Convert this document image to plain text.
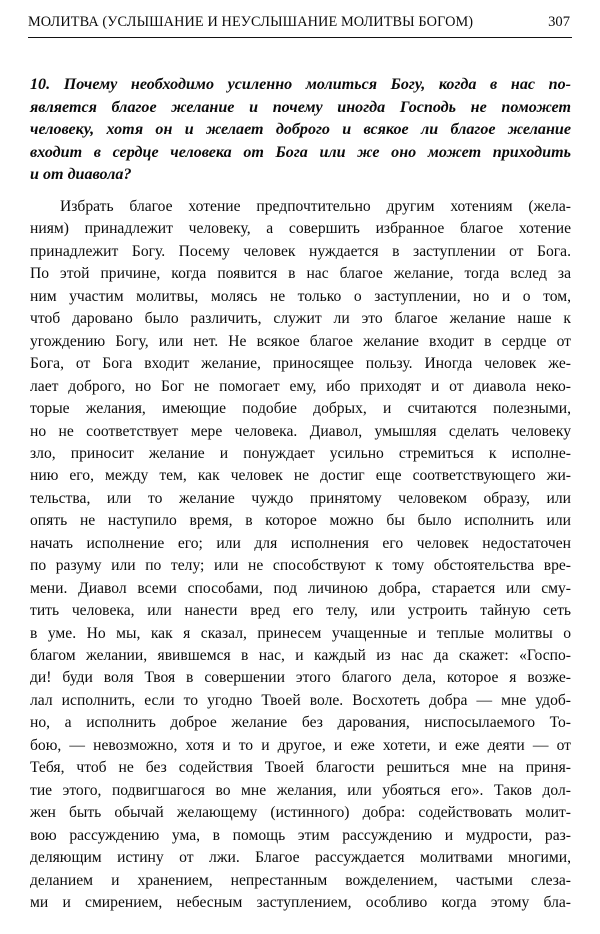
МОЛИТВА (УСЛЫШАНИЕ И НЕУСЛЫШАНИЕ МОЛИТВЫ БОГОМ)	307
10. Почему необходимо усиленно молиться Богу, когда в нас по-
является благое желание и почему иногда Господь не поможет
человеку, хотя он и желает доброго и всякое ли благое желание
входит в сердце человека от Бога или же оно может приходить
и от диавола?

Избрать благое хотение предпочтительно другим хотениям (жела-
ниям) принадлежит человеку, а совершить избранное благое хотение
принадлежит Богу. Посему человек нуждается в заступлении от Бога.
По этой причине, когда появится в нас благое желание, тогда вслед за
ним участим молитвы, молясь не только о заступлении, но и о том,
чтоб даровано было различить, служит ли это благое желание наше к
угождению Богу, или нет. Не всякое благое желание входит в сердце от
Бога, от Бога входит желание, приносящее пользу. Иногда человек же-
лает доброго, но Бог не помогает ему, ибо приходят и от диавола неко-
торые желания, имеющие подобие добрых, и считаются полезными,
но не соответствует мере человека. Диавол, умышляя сделать человеку
зло, приносит желание и понуждает усильно стремиться к исполне-
нию его, между тем, как человек не достиг еще соответствующего жи-
тельства, или то желание чуждо принятому человеком образу, или
опять не наступило время, в которое можно бы было исполнить или
начать исполнение его; или для исполнения его человек недостаточен
по разуму или по телу; или не способствуют к тому обстоятельства вре-
мени. Диавол всеми способами, под личиною добра, старается или сму-
тить человека, или нанести вред его телу, или устроить тайную сеть
в уме. Но мы, как я сказал, принесем учащенные и теплые молитвы о
благом желании, явившемся в нас, и каждый из нас да скажет: «Госпо-
ди! буди воля Твоя в совершении этого благого дела, которое я возже-
лал исполнить, если то угодно Твоей воле. Восхотеть добра — мне удоб-
но, а исполнить доброе желание без дарования, ниспосылаемого То-
бою, — невозможно, хотя и то и другое, и еже хотети, и еже деяти — от
Тебя, чтоб не без содействия Твоей благости решиться мне на приня-
тие этого, подвигшагося во мне желания, или убояться его». Таков дол-
жен быть обычай желающему (истинного) добра: содействовать молит-
вою рассуждению ума, в помощь этим рассуждению и мудрости, раз-
деляющим истину от лжи. Благое рассуждается молитвами многими,
деланием и хранением, непрестанным вожделением, частыми слеза-
ми и смирением, небесным заступлением, особливо когда этому бла-
